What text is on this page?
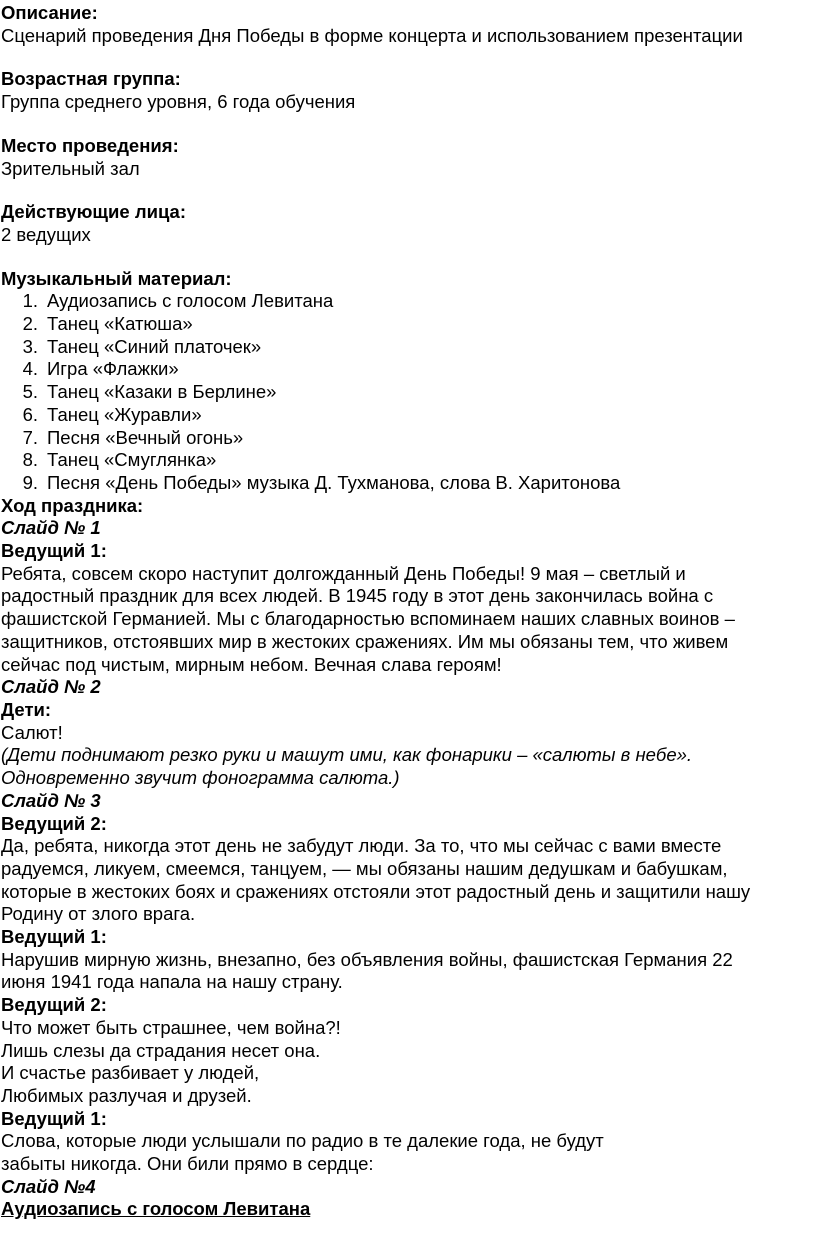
Описание:
Сценарий проведения Дня Победы в форме концерта и использованием презентации
Возрастная группа:
Группа среднего уровня, 6 года обучения
Место проведения:
Зрительный зал
Действующие лица:
2 ведущих
Музыкальный материал:
1. Аудиозапись с голосом Левитана
2. Танец «Катюша»
3. Танец «Синий платочек»
4. Игра «Флажки»
5. Танец «Казаки в Берлине»
6. Танец «Журавли»
7. Песня «Вечный огонь»
8. Танец «Смуглянка»
9. Песня «День Победы» музыка Д. Тухманова, слова В. Харитонова
Ход праздника:
Слайд № 1
Ведущий 1:
Ребята, совсем скоро наступит долгожданный День Победы! 9 мая – светлый и
радостный праздник для всех людей. В 1945 году в этот день закончилась война с
фашистской Германией. Мы с благодарностью вспоминаем наших славных воинов –
защитников, отстоявших мир в жестоких сражениях. Им мы обязаны тем, что живем
сейчас под чистым, мирным небом. Вечная слава героям!
Слайд № 2
Дети:
Салют!
(Дети поднимают резко руки и машут ими, как фонарики – «салюты в небе».
Одновременно звучит фонограмма салюта.)
Слайд № 3
Ведущий 2:
Да, ребята, никогда этот день не забудут люди. За то, что мы сейчас с вами вместе
радуемся, ликуем, смеемся, танцуем, — мы обязаны нашим дедушкам и бабушкам,
которые в жестоких боях и сражениях отстояли этот радостный день и защитили нашу
Родину от злого врага.
Ведущий 1:
Нарушив мирную жизнь, внезапно, без объявления войны, фашистская Германия 22
июня 1941 года напала на нашу страну.
Ведущий 2:
Что может быть страшнее, чем война?!
Лишь слезы да страдания несет она.
И счастье разбивает у людей,
Любимых разлучая и друзей.
Ведущий 1:
Слова, которые люди услышали по радио в те далекие года, не будут
забыты никогда. Они били прямо в сердце:
Слайд №4
Аудиозапись с голосом Левитана
